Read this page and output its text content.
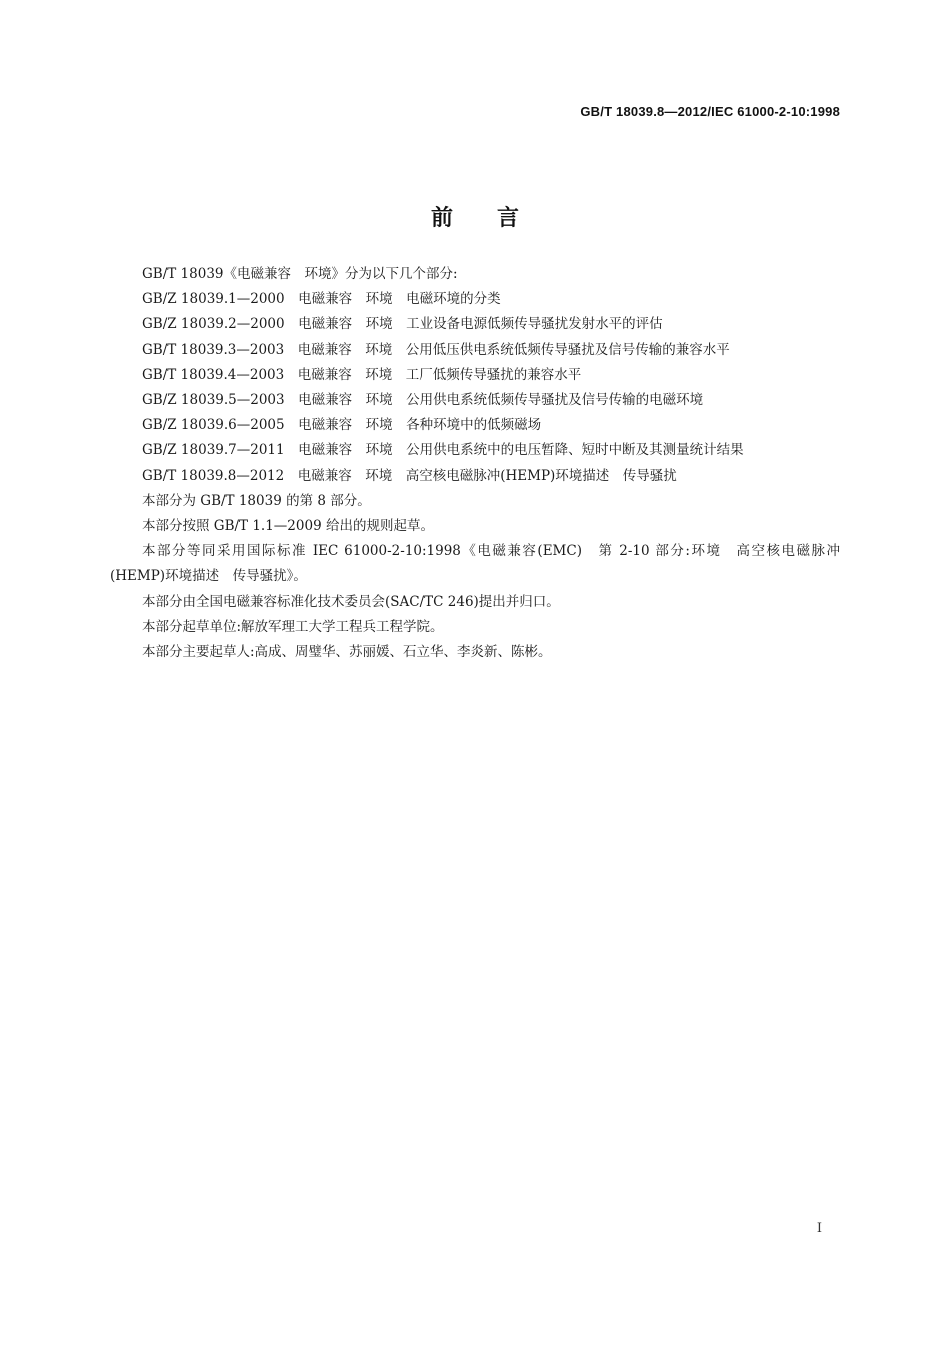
GB/T 18039.8—2012/IEC 61000-2-10:1998
前言

GB/T 18039《电磁兼容　环境》分为以下几个部分:

GB/Z 18039.1—2000　电磁兼容　环境　电磁环境的分类

GB/Z 18039.2—2000　电磁兼容　环境　工业设备电源低频传导骚扰发射水平的评估

GB/T 18039.3—2003　电磁兼容　环境　公用低压供电系统低频传导骚扰及信号传输的兼容水平

GB/T 18039.4—2003　电磁兼容　环境　工厂低频传导骚扰的兼容水平

GB/Z 18039.5—2003　电磁兼容　环境　公用供电系统低频传导骚扰及信号传输的电磁环境

GB/Z 18039.6—2005　电磁兼容　环境　各种环境中的低频磁场

GB/Z 18039.7—2011　电磁兼容　环境　公用供电系统中的电压暂降、短时中断及其测量统计结果

GB/T 18039.8—2012　电磁兼容　环境　高空核电磁脉冲(HEMP)环境描述　传导骚扰

本部分为 GB/T 18039 的第 8 部分。

本部分按照 GB/T 1.1—2009 给出的规则起草。

本部分等同采用国际标准 IEC 61000-2-10:1998《电磁兼容(EMC)　第 2-10 部分:环境　高空核电磁脉冲(HEMP)环境描述　传导骚扰》。

本部分由全国电磁兼容标准化技术委员会(SAC/TC 246)提出并归口。

本部分起草单位:解放军理工大学工程兵工程学院。

本部分主要起草人:高成、周璧华、苏丽媛、石立华、李炎新、陈彬。

I
